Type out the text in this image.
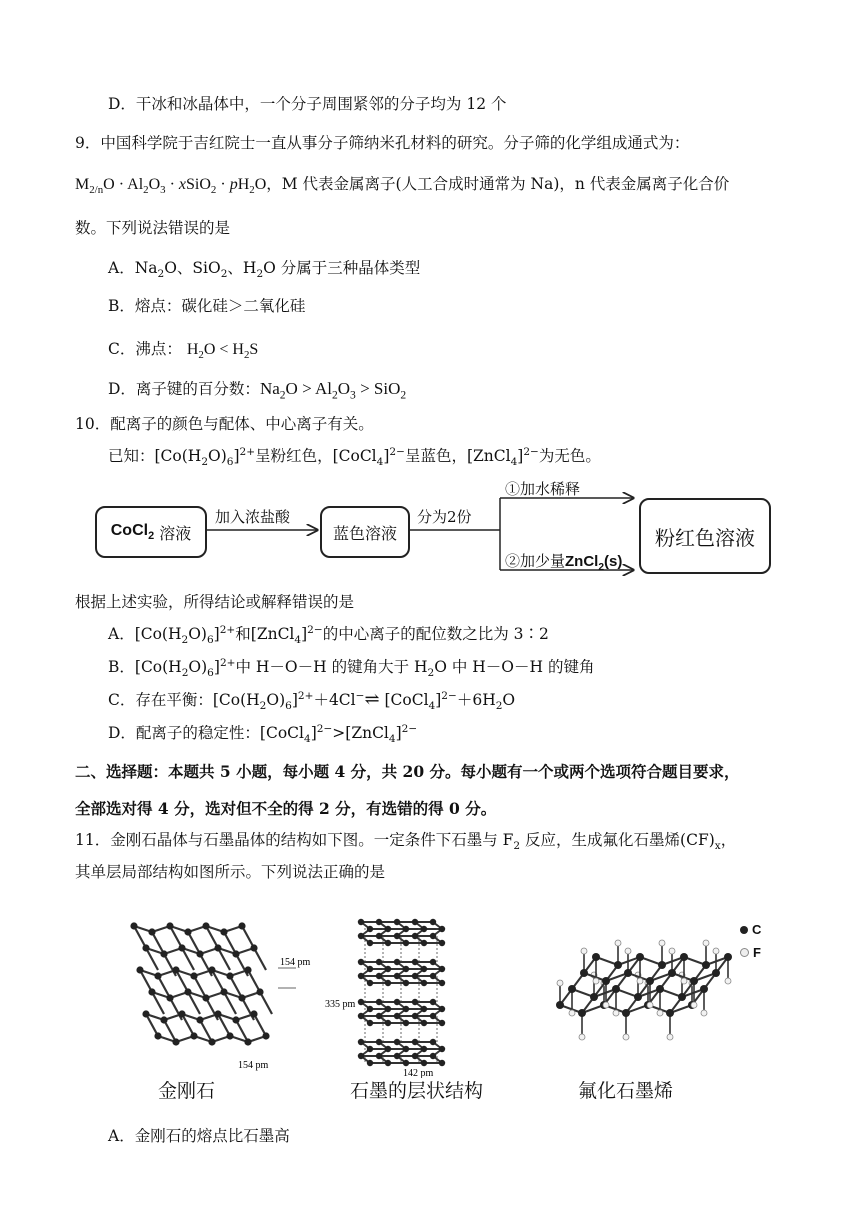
D．干冰和冰晶体中，一个分子周围紧邻的分子均为 12 个
9．中国科学院于吉红院士一直从事分子筛纳米孔材料的研究。分子筛的化学组成通式为：
$M_{2/n}O \cdot Al_2O_3$ · xSiO$_2$ · $pH_2O$，M 代表金属离子(人工合成时通常为 Na)，n 代表金属离子化合价
数。下列说法错误的是
A．$Na_2O$、SiO$_2$、$H_2O$ 分属于三种晶体类型
B．熔点：碳化硅＞二氧化硅
C．沸点： $H_2O < H_2S$
D．离子键的百分数：$Na_2O > Al_2O_3 > SiO_2$
10．配离子的颜色与配体、中心离子有关。
已知：$[Co(H_2O)_6]^{2+}$呈粉红色，[CoCl$_4$]$^{2-}$呈蓝色，[ZnCl$_4$]$^{2-}$为无色。
CoCl$_2$ 溶液
加入浓盐酸
蓝色溶液
分为2份
①加水稀释
②加少量ZnCl$_2$(s)
粉红色溶液
根据上述实验，所得结论或解释错误的是
A．$[Co(H_2O)_6]^{2+}$和[ZnCl$_4$]$^{2-}$的中心离子的配位数之比为 3∶2
B．$[Co(H_2O)_6]^{2+}$中 H－O－H 的键角大于 $H_2O$ 中 H－O－H 的键角
C．存在平衡：$[Co(H_2O)_6]^{2+}+4Cl^-\rightleftharpoons$ $[CoCl_4]^{2-}+6H_2O$
D．配离子的稳定性：[CoCl$_4$]$^{2-}$>[ZnCl$_4$]$^{2-}$
二、选择题：本题共 5 小题，每小题 4 分，共 20 分。每小题有一个或两个选项符合题目要求，
全部选对得 4 分，选对但不全的得 2 分，有选错的得 0 分。
11．金刚石晶体与石墨晶体的结构如下图。一定条件下石墨与 $F_2$ 反应，生成氟化石墨烯$(CF)_x$，
其单层局部结构如图所示。下列说法正确的是
154 pm
154 pm
金刚石
335 pm
142 pm
石墨的层状结构	氟化石墨烯
C
F
A．金刚石的熔点比石墨高
